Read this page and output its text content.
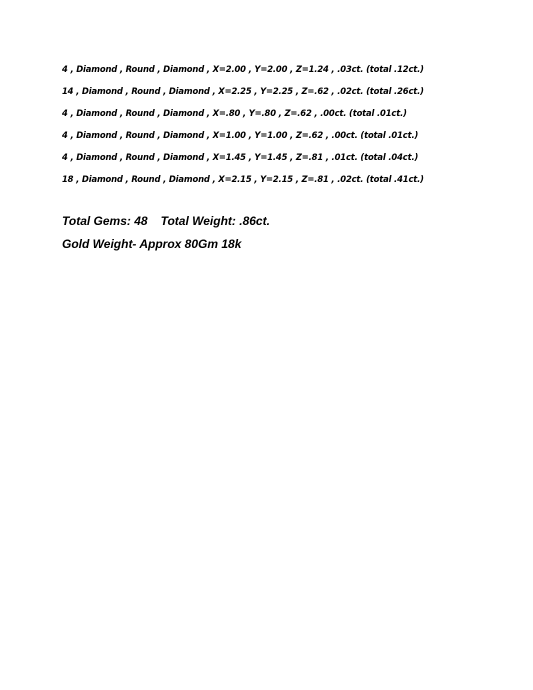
4 , Diamond , Round , Diamond , X=2.00 , Y=2.00 , Z=1.24 , .03ct. (total .12ct.)
14 , Diamond , Round , Diamond , X=2.25 , Y=2.25 , Z=.62 , .02ct. (total .26ct.)
4 , Diamond , Round , Diamond , X=.80 , Y=.80 , Z=.62 , .00ct. (total .01ct.)
4 , Diamond , Round , Diamond , X=1.00 , Y=1.00 , Z=.62 , .00ct. (total .01ct.)
4 , Diamond , Round , Diamond , X=1.45 , Y=1.45 , Z=.81 , .01ct. (total .04ct.)
18 , Diamond , Round , Diamond , X=2.15 , Y=2.15 , Z=.81 , .02ct. (total .41ct.)
Total Gems: 48 Total Weight: .86ct.
Gold Weight- Approx 80Gm 18k
